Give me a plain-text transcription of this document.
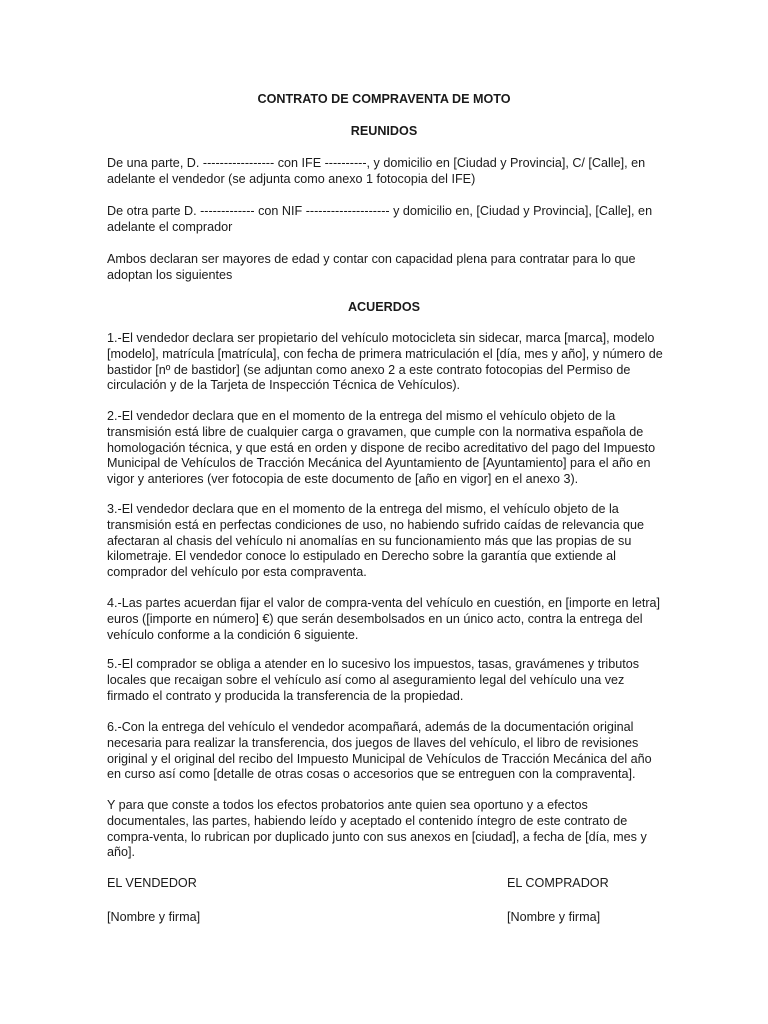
CONTRATO DE COMPRAVENTA DE MOTO
REUNIDOS

De una parte, D. ----------------- con IFE ----------, y domicilio en [Ciudad y Provincia], C/ [Calle], en adelante el vendedor (se adjunta como anexo 1 fotocopia del IFE)

De otra parte D. ------------- con NIF -------------------- y domicilio en, [Ciudad y Provincia], [Calle], en adelante el comprador

Ambos declaran ser mayores de edad y contar con capacidad plena para contratar para lo que adoptan los siguientes

ACUERDOS

1.-El vendedor declara ser propietario del vehículo motocicleta sin sidecar, marca [marca], modelo [modelo], matrícula [matrícula], con fecha de primera matriculación el [día, mes y año], y número de bastidor [nº de bastidor] (se adjuntan como anexo 2 a este contrato fotocopias del Permiso de circulación y de la Tarjeta de Inspección Técnica de Vehículos).

2.-El vendedor declara que en el momento de la entrega del mismo el vehículo objeto de la transmisión está libre de cualquier carga o gravamen, que cumple con la normativa española de homologación técnica, y que está en orden y dispone de recibo acreditativo del pago del Impuesto Municipal de Vehículos de Tracción Mecánica del Ayuntamiento de [Ayuntamiento] para el año en vigor y anteriores (ver fotocopia de este documento de [año en vigor] en el anexo 3).

3.-El vendedor declara que en el momento de la entrega del mismo, el vehículo objeto de la transmisión está en perfectas condiciones de uso, no habiendo sufrido caídas de relevancia que afectaran al chasis del vehículo ni anomalías en su funcionamiento más que las propias de su kilometraje. El vendedor conoce lo estipulado en Derecho sobre la garantía que extiende al comprador del vehículo por esta compraventa.

4.-Las partes acuerdan fijar el valor de compra-venta del vehículo en cuestión, en [importe en letra] euros ([importe en número] €) que serán desembolsados en un único acto, contra la entrega del vehículo conforme a la condición 6 siguiente.

5.-El comprador se obliga a atender en lo sucesivo los impuestos, tasas, gravámenes y tributos locales que recaigan sobre el vehículo así como al aseguramiento legal del vehículo una vez firmado el contrato y producida la transferencia de la propiedad.

6.-Con la entrega del vehículo el vendedor acompañará, además de la documentación original necesaria para realizar la transferencia, dos juegos de llaves del vehículo, el libro de revisiones original y el original del recibo del Impuesto Municipal de Vehículos de Tracción Mecánica del año en curso así como [detalle de otras cosas o accesorios que se entreguen con la compraventa].

Y para que conste a todos los efectos probatorios ante quien sea oportuno y a efectos documentales, las partes, habiendo leído y aceptado el contenido íntegro de este contrato de compra-venta, lo rubrican por duplicado junto con sus anexos en [ciudad], a fecha de [día, mes y año].

EL VENDEDOR	EL COMPRADOR

[Nombre y firma]	[Nombre y firma]
